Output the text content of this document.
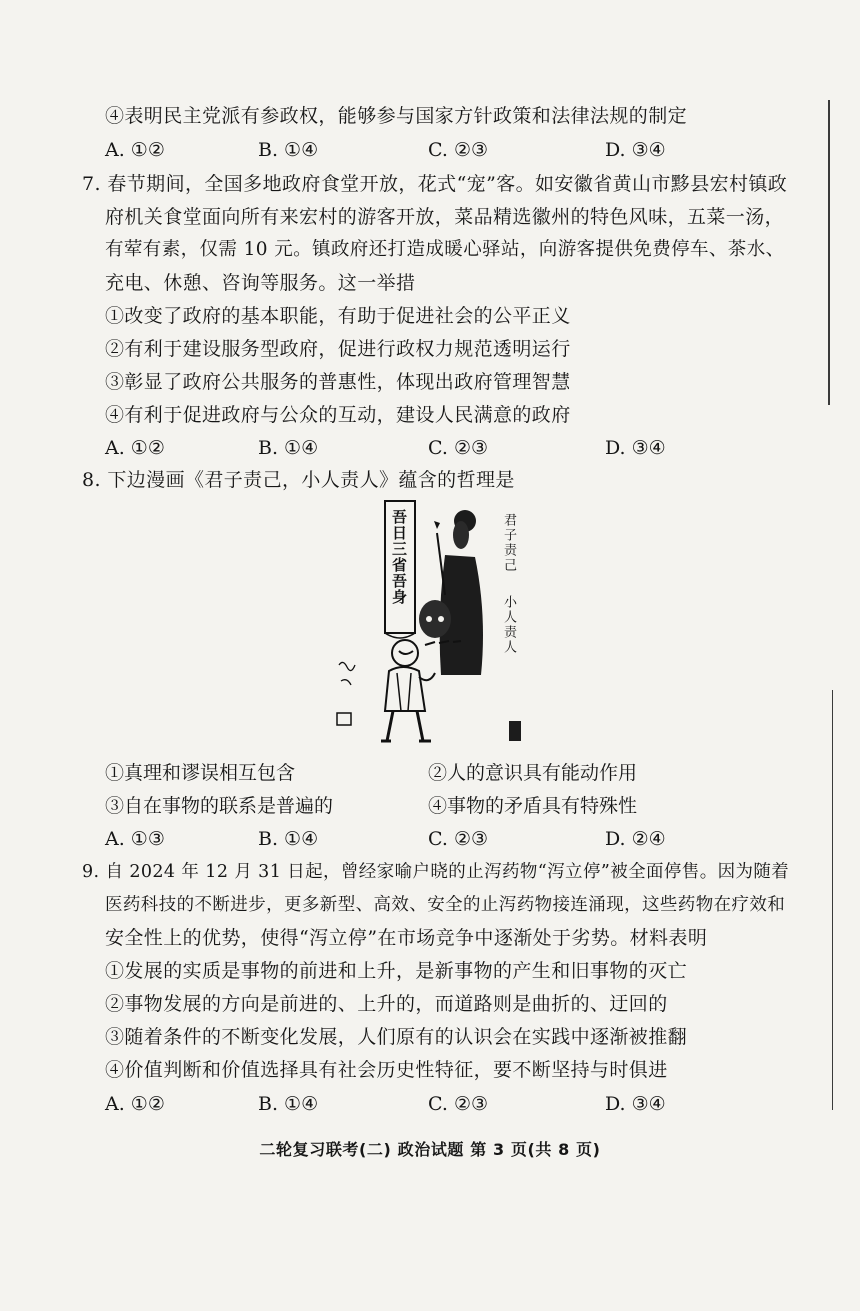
④表明民主党派有参政权，能够参与国家方针政策和法律法规的制定
A. ①②	B. ①④	C. ②③	D. ③④
7. 春节期间，全国多地政府食堂开放，花式“宠”客。如安徽省黄山市黟县宏村镇政
府机关食堂面向所有来宏村的游客开放，菜品精选徽州的特色风味，五菜一汤，
有荤有素，仅需 10 元。镇政府还打造成暖心驿站，向游客提供免费停车、茶水、
充电、休憩、咨询等服务。这一举措
①改变了政府的基本职能，有助于促进社会的公平正义
②有利于建设服务型政府，促进行政权力规范透明运行
③彰显了政府公共服务的普惠性，体现出政府管理智慧
④有利于促进政府与公众的互动，建设人民满意的政府
A. ①②	B. ①④	C. ②③	D. ③④
8. 下边漫画《君子责己，小人责人》蕴含的哲理是
吾日三省吾身	君子责己
小人责人
①真理和谬误相互包含	②人的意识具有能动作用
③自在事物的联系是普遍的	④事物的矛盾具有特殊性
A. ①③	B. ①④	C. ②③	D. ②④
9. 自 2024 年 12 月 31 日起，曾经家喻户晓的止泻药物“泻立停”被全面停售。因为随着
医药科技的不断进步，更多新型、高效、安全的止泻药物接连涌现，这些药物在疗效和
安全性上的优势，使得“泻立停”在市场竞争中逐渐处于劣势。材料表明
①发展的实质是事物的前进和上升，是新事物的产生和旧事物的灭亡
②事物发展的方向是前进的、上升的，而道路则是曲折的、迂回的
③随着条件的不断变化发展，人们原有的认识会在实践中逐渐被推翻
④价值判断和价值选择具有社会历史性特征，要不断坚持与时俱进
A. ①②	B. ①④	C. ②③	D. ③④
二轮复习联考(二) 政治试题 第 3 页(共 8 页)
